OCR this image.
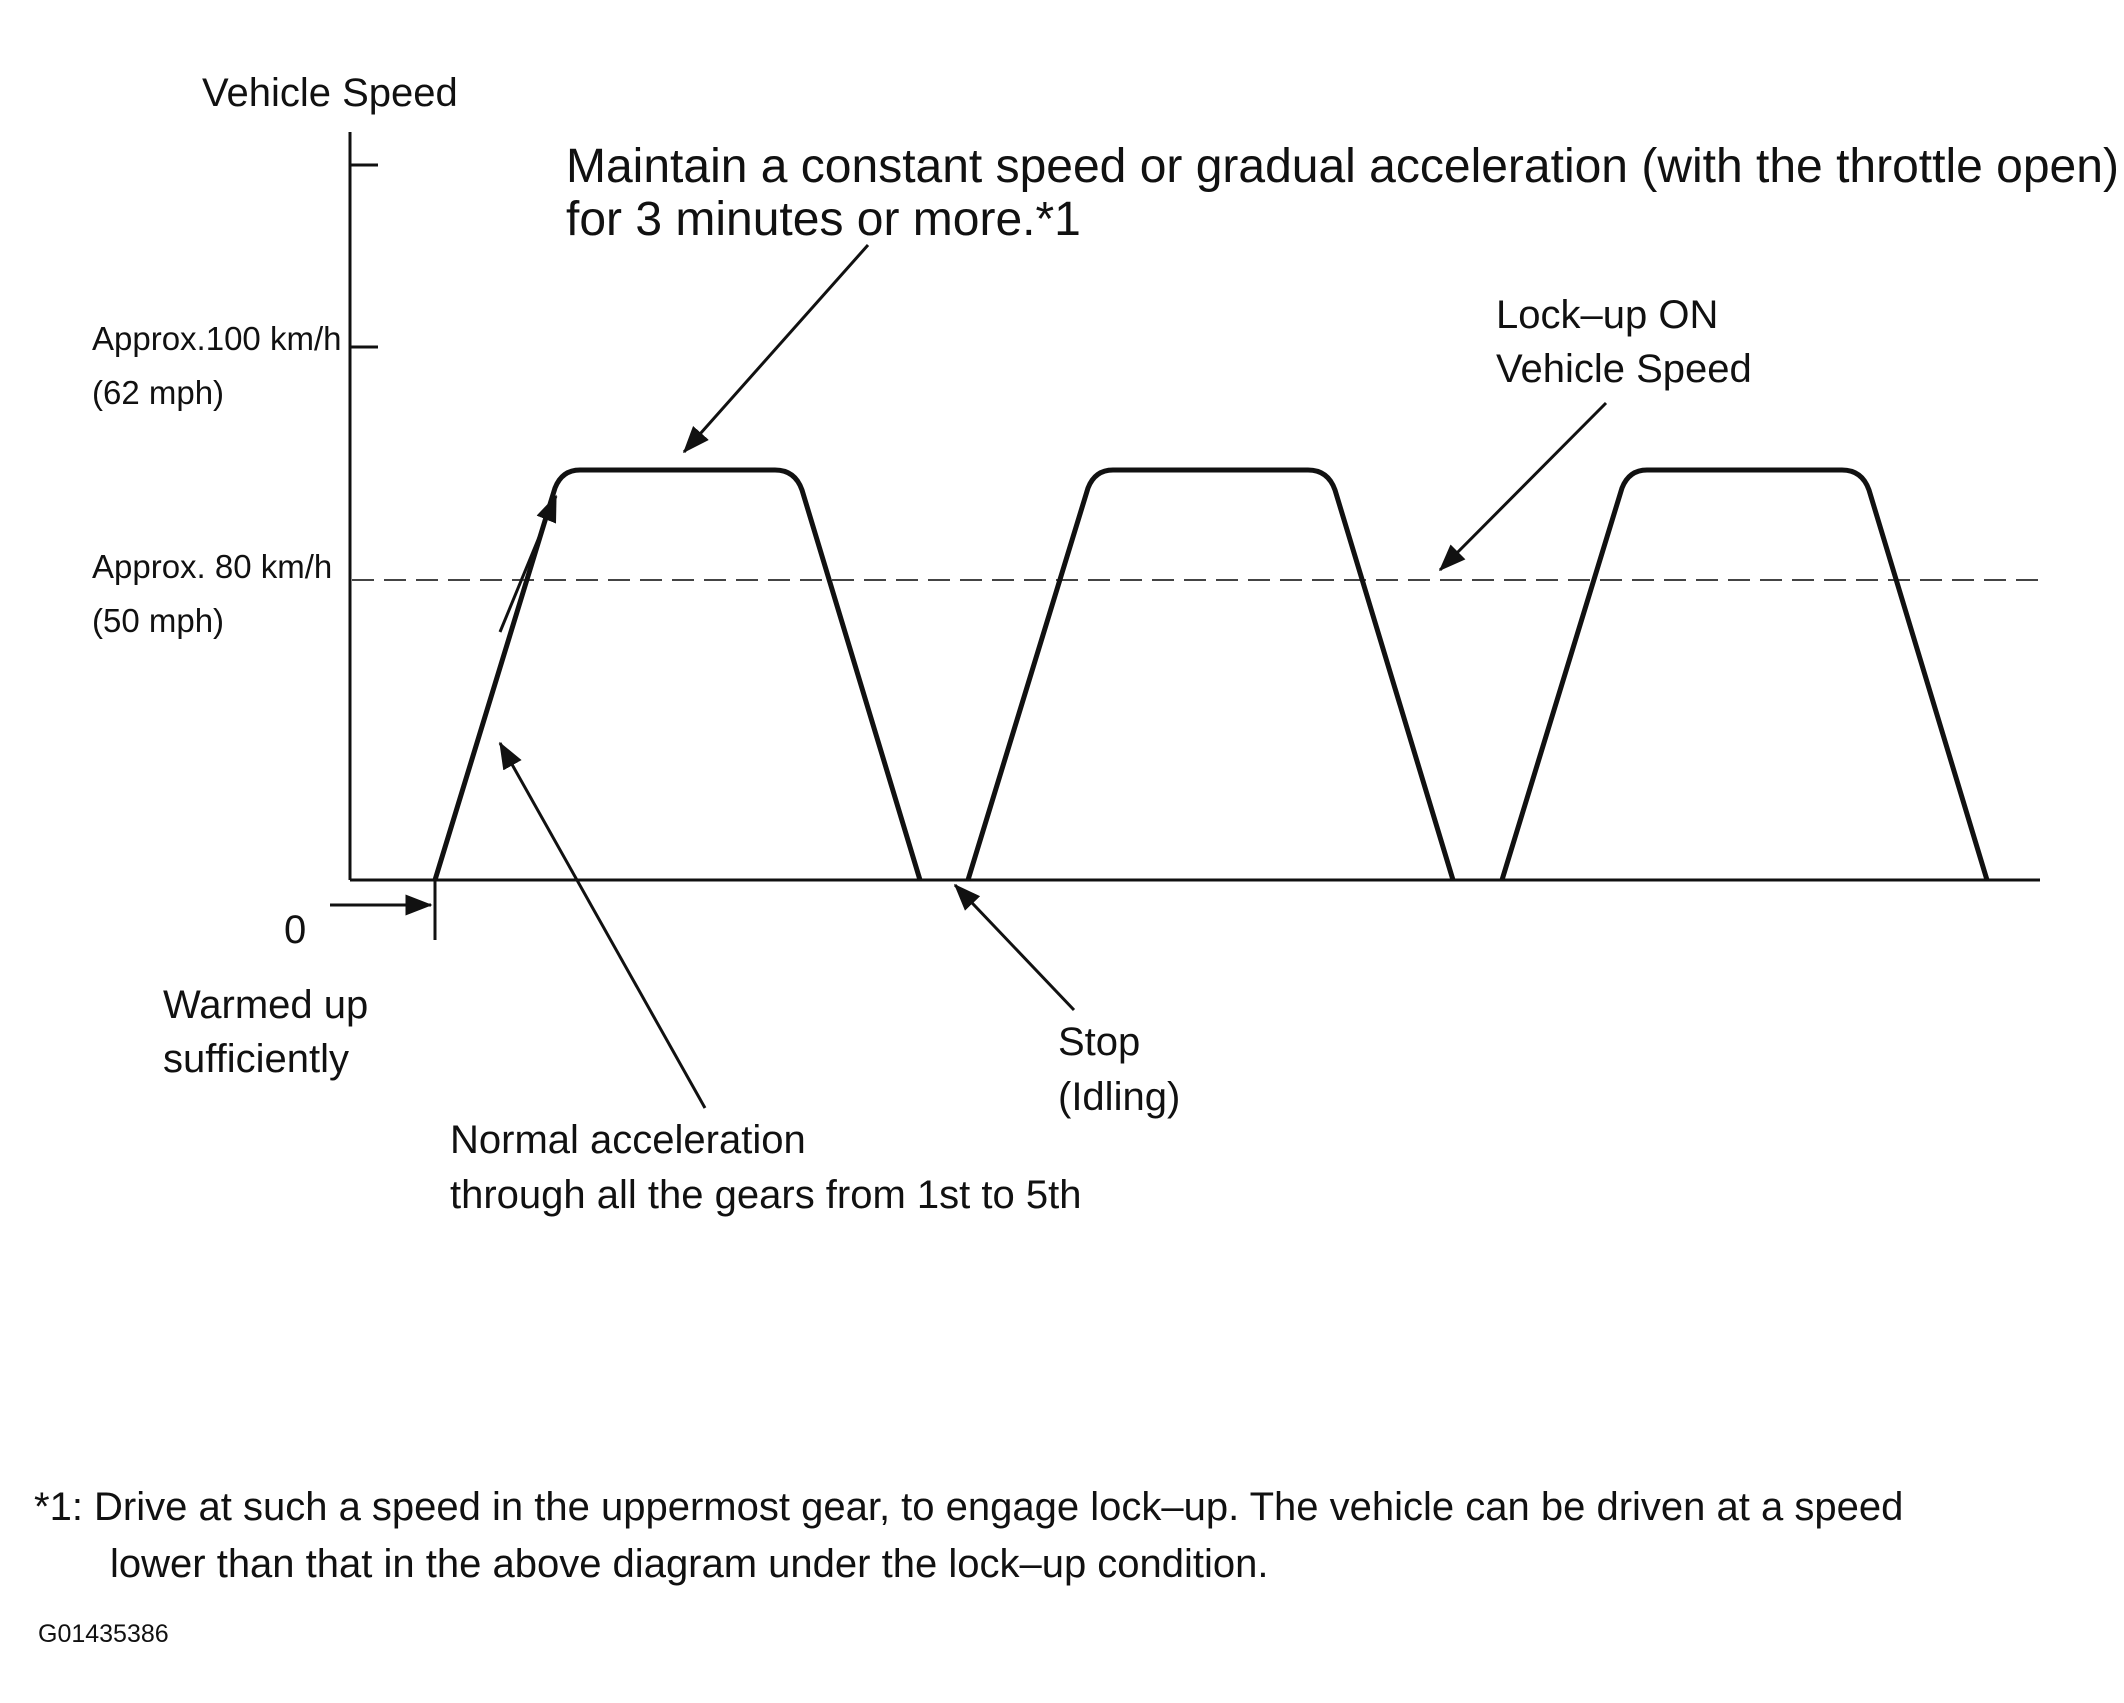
Vehicle Speed
Approx.100 km/h
(62 mph)
Approx. 80 km/h
(50 mph)
0
Maintain a constant speed or gradual acceleration (with the throttle open)
for 3 minutes or more.*1
Lock–up ON
Vehicle Speed
Warmed up
sufficiently
Normal acceleration
through all the gears from 1st to 5th
Stop
(Idling)
*1: Drive at such a speed in the uppermost gear, to engage lock–up. The vehicle can be driven at a speed
lower than that in the above diagram under the lock–up condition.
G01435386
